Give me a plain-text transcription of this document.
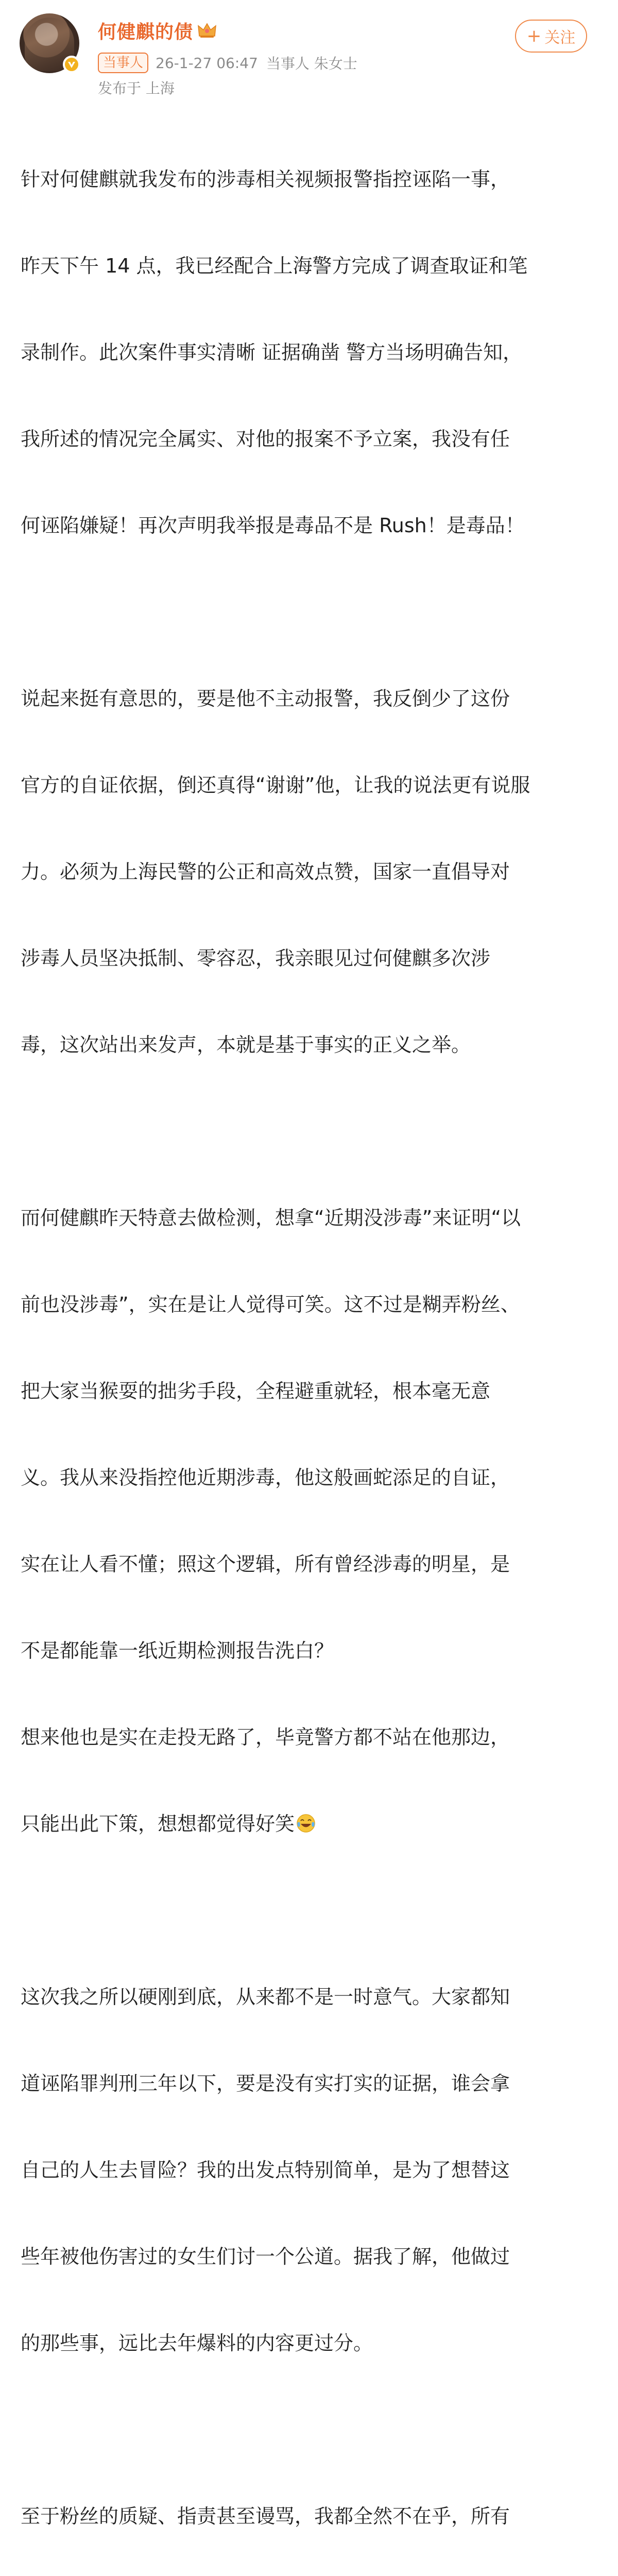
何健麒的债
当事人 26-1-27 06:47 当事人 朱女士
发布于 上海
+ 关注

针对何健麒就我发布的涉毒相关视频报警指控诬陷一事，

昨天下午 14 点，我已经配合上海警方完成了调查取证和笔

录制作。此次案件事实清晰 证据确凿 警方当场明确告知，

我所述的情况完全属实、对他的报案不予立案，我没有任

何诬陷嫌疑！再次声明我举报是毒品不是 Rush！是毒品！

说起来挺有意思的，要是他不主动报警，我反倒少了这份

官方的自证依据，倒还真得“谢谢”他，让我的说法更有说服

力。必须为上海民警的公正和高效点赞，国家一直倡导对

涉毒人员坚决抵制、零容忍，我亲眼见过何健麒多次涉

毒，这次站出来发声，本就是基于事实的正义之举。

而何健麒昨天特意去做检测，想拿“近期没涉毒”来证明“以

前也没涉毒”，实在是让人觉得可笑。这不过是糊弄粉丝、

把大家当猴耍的拙劣手段，全程避重就轻，根本毫无意

义。我从来没指控他近期涉毒，他这般画蛇添足的自证，

实在让人看不懂；照这个逻辑，所有曾经涉毒的明星，是

不是都能靠一纸近期检测报告洗白？

想来他也是实在走投无路了，毕竟警方都不站在他那边，

只能出此下策，想想都觉得好笑

这次我之所以硬刚到底，从来都不是一时意气。大家都知

道诬陷罪判刑三年以下，要是没有实打实的证据，谁会拿

自己的人生去冒险？我的出发点特别简单，是为了想替这

些年被他伤害过的女生们讨一个公道。据我了解，他做过

的那些事，远比去年爆料的内容更过分。

至于粉丝的质疑、指责甚至谩骂，我都全然不在乎，所有
